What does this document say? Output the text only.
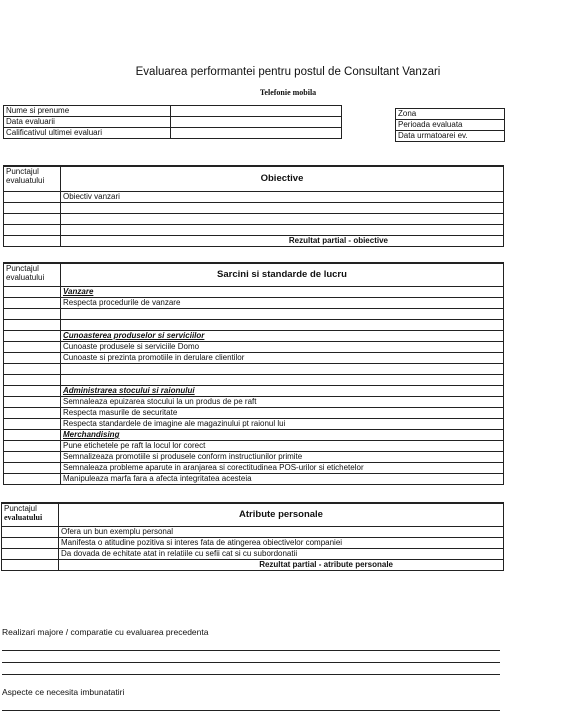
Evaluarea performantei pentru postul de Consultant Vanzari
Telefonie mobila
Nume si prenume	
Data evaluarii	
Calificativul ultimei evaluari	
Zona
Perioada evaluata
Data urmatoarei ev.
Punctajul evaluatului	Obiective
	Obiectiv vanzari

	Rezultat partial - obiective
Punctajul evaluatului	Sarcini si standarde de lucru
	Vanzare
	Respecta procedurile de vanzare

	Cunoasterea produselor si serviciilor
	Cunoaste produsele si serviciile Domo
	Cunoaste si prezinta promotiile in derulare clientilor

	Administrarea stocului si raionului
	Semnaleaza epuizarea stocului la un produs de pe raft
	Respecta masurile de securitate
	Respecta standardele de imagine ale magazinului pt raionul lui
	Merchandising
	Pune etichetele pe raft la locul lor corect
	Semnalizeaza promotiile si produsele conform instructiunilor primite
	Semnaleaza probleme aparute in aranjarea si corectitudinea POS-urilor si etichetelor
	Manipuleaza marfa fara a afecta integritatea acesteia
Punctajul
evaluatului	Atribute personale
	Ofera un bun exemplu personal
	Manifesta o atitudine pozitiva si interes fata de atingerea obiectivelor companiei
	Da dovada de echitate atat in relatiile cu sefii cat si cu subordonatii
	Rezultat partial - atribute personale
Realizari majore / comparatie cu evaluarea precedenta
Aspecte ce necesita imbunatatiri
